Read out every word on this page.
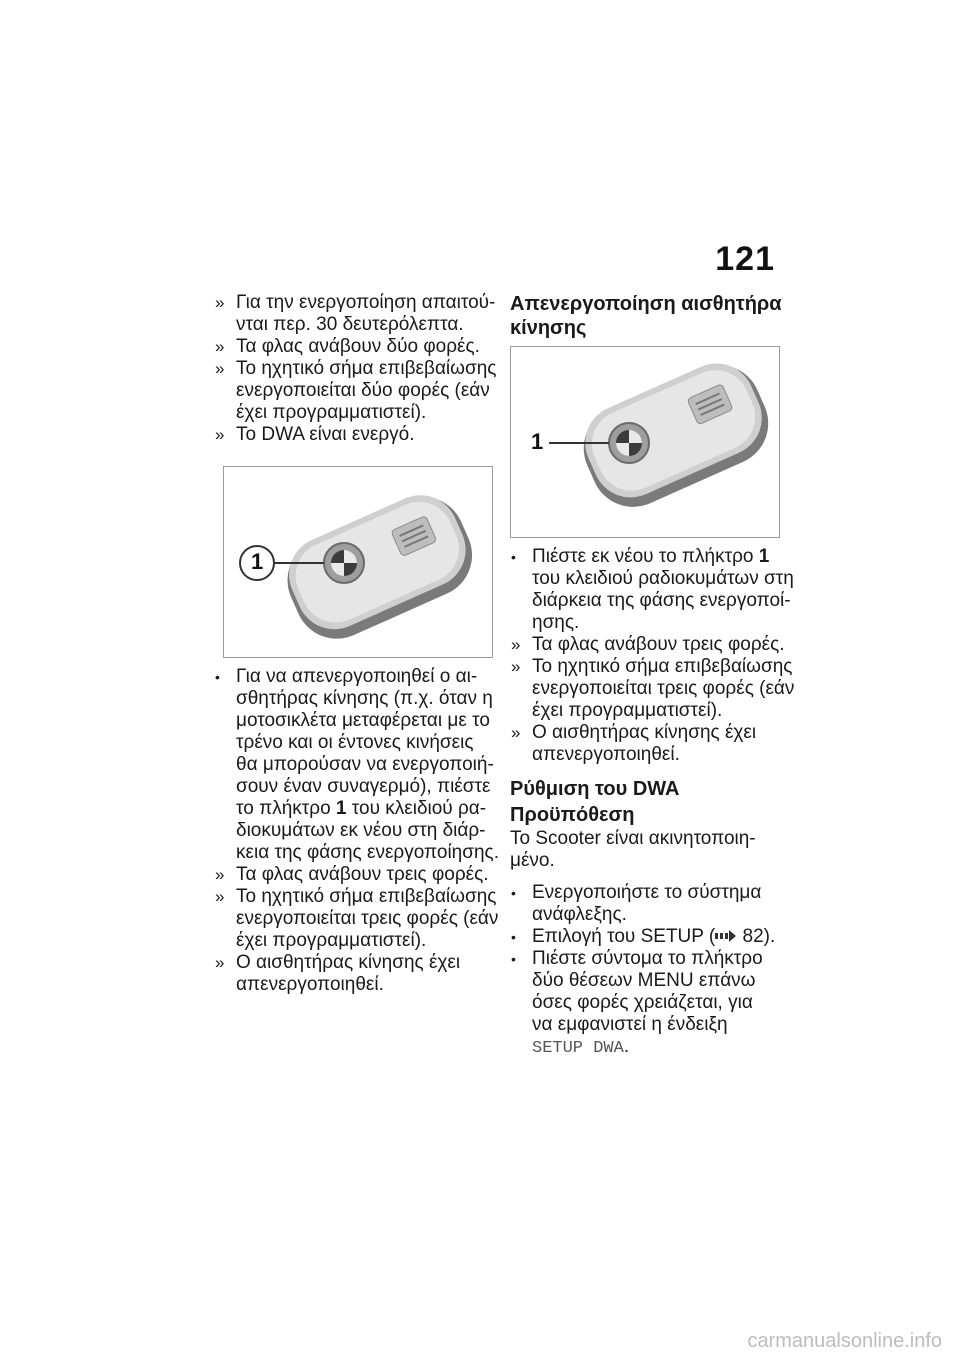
121
» Για την ενεργοποίηση απαιτού-
νται περ. 30 δευτερόλεπτα.
» Τα φλας ανάβουν δύο φορές.
» Το ηχητικό σήμα επιβεβαίωσης
ενεργοποιείται δύο φορές (εάν
έχει προγραμματιστεί).
» Το DWA είναι ενεργό.
1
• Για να απενεργοποιηθεί ο αι-
σθητήρας κίνησης (π.χ. όταν η
μοτοσικλέτα μεταφέρεται με το
τρένο και οι έντονες κινήσεις
θα μπορούσαν να ενεργοποιή-
σουν έναν συναγερμό), πιέστε
το πλήκτρο 1 του κλειδιού ρα-
διοκυμάτων εκ νέου στη διάρ-
κεια της φάσης ενεργοποίησης.
» Τα φλας ανάβουν τρεις φορές.
» Το ηχητικό σήμα επιβεβαίωσης
ενεργοποιείται τρεις φορές (εάν
έχει προγραμματιστεί).
» Ο αισθητήρας κίνησης έχει
απενεργοποιηθεί.
Απενεργοποίηση αισθητήρα
κίνησης
1
• Πιέστε εκ νέου το πλήκτρο 1
του κλειδιού ραδιοκυμάτων στη
διάρκεια της φάσης ενεργοποί-
ησης.
» Τα φλας ανάβουν τρεις φορές.
» Το ηχητικό σήμα επιβεβαίωσης
ενεργοποιείται τρεις φορές (εάν
έχει προγραμματιστεί).
» Ο αισθητήρας κίνησης έχει
απενεργοποιηθεί.
Ρύθμιση του DWA
Προϋπόθεση
Το Scooter είναι ακινητοποιη-
μένο.
• Ενεργοποιήστε το σύστημα
ανάφλεξης.
• Επιλογή του SETUP ( 82).
• Πιέστε σύντομα το πλήκτρο
δύο θέσεων MENU επάνω
όσες φορές χρειάζεται, για
να εμφανιστεί η ένδειξη
SETUP DWA.
carmanualsonline.info
